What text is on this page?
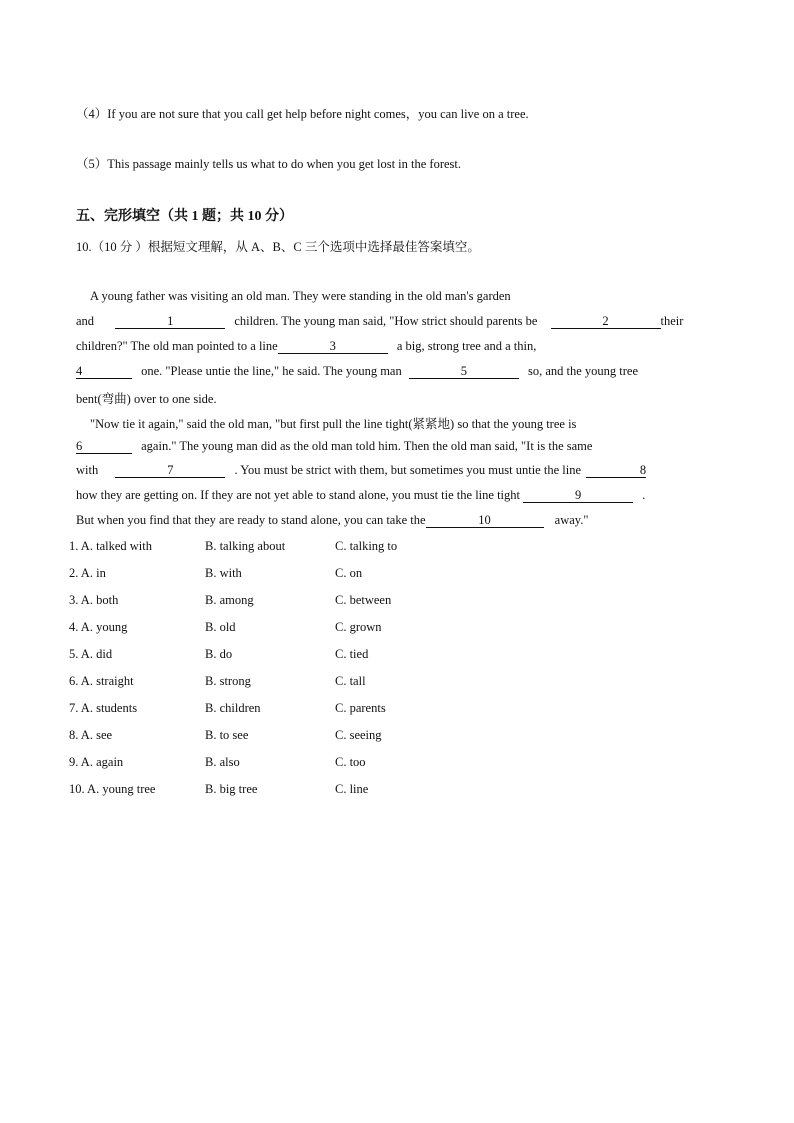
（4）If you are not sure that you call get help before night comes，you can live on a tree.
（5）This passage mainly tells us what to do when you get lost in the forest.
五、完形填空（共 1 题；共 10 分）
10.（10 分 ）根据短文理解，从 A、B、C 三个选项中选择最佳答案填空。
A young father was visiting an old man. They were standing in the old man's garden
and	1	children. The young man said, "How strict should parents be	2	their
children?" The old man pointed to a line	3	a big, strong tree and a thin,
4	one. "Please untie the line," he said. The young man	5	so, and the young tree
bent(弯曲) over to one side.
"Now tie it again," said the old man, "but first pull the line tight(紧紧地) so that the young tree is
6	again." The young man did as the old man told him. Then the old man said, "It is the same
with	7	. You must be strict with them, but sometimes you must untie the line	8
how they are getting on. If they are not yet able to stand alone, you must tie the line tight	9	.
But when you find that they are ready to stand alone, you can take the	10	away."
1. A. talked with	B. talking about	C. talking to
2. A. in	B. with	C. on
3. A. both	B. among	C. between
4. A. young	B. old	C. grown
5. A. did	B. do	C. tied
6. A. straight	B. strong	C. tall
7. A. students	B. children	C. parents
8. A. see	B. to see	C. seeing
9. A. again	B. also	C. too
10. A. young tree	B. big tree	C. line
